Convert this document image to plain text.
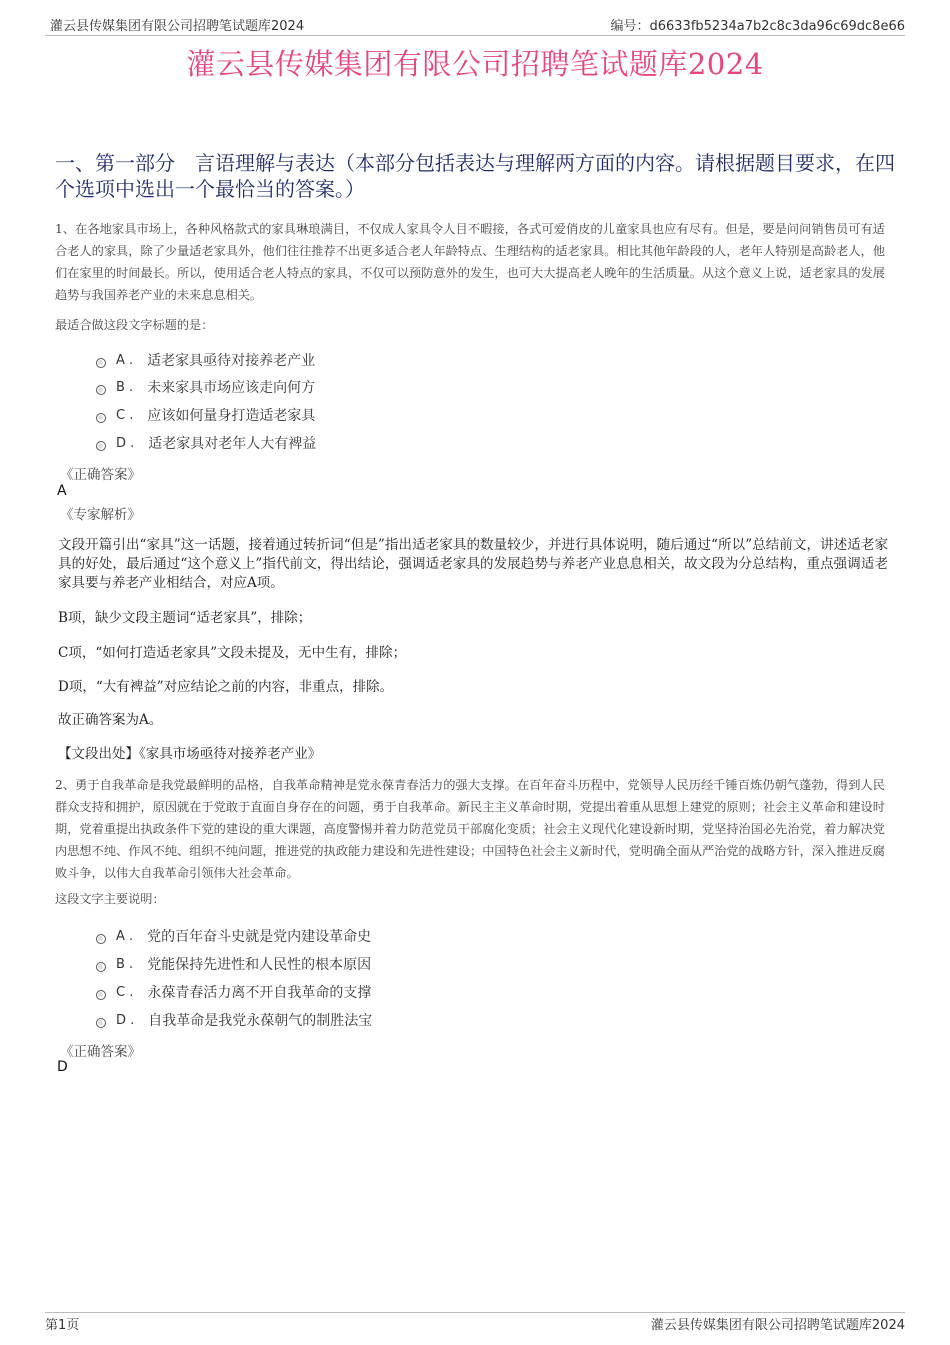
灌云县传媒集团有限公司招聘笔试题库2024	编号：d6633fb5234a7b2c8c3da96c69dc8e66
灌云县传媒集团有限公司招聘笔试题库2024
一、第一部分　言语理解与表达（本部分包括表达与理解两方面的内容。请根据题目要求，在四个选项中选出一个最恰当的答案。）
1、在各地家具市场上，各种风格款式的家具琳琅满目，不仅成人家具令人目不暇接，各式可爱俏皮的儿童家具也应有尽有。但是，要是问问销售员可有适合老人的家具，除了少量适老家具外，他们往往推荐不出更多适合老人年龄特点、生理结构的适老家具。相比其他年龄段的人，老年人特别是高龄老人，他们在家里的时间最长。所以，使用适合老人特点的家具，不仅可以预防意外的发生，也可大大提高老人晚年的生活质量。从这个意义上说，适老家具的发展趋势与我国养老产业的未来息息相关。
最适合做这段文字标题的是：
A . 适老家具亟待对接养老产业
B . 未来家具市场应该走向何方
C . 应该如何量身打造适老家具
D . 适老家具对老年人大有裨益
《正确答案》
A
《专家解析》
文段开篇引出“家具”这一话题，接着通过转折词“但是”指出适老家具的数量较少，并进行具体说明，随后通过“所以”总结前文，讲述适老家具的好处，最后通过“这个意义上”指代前文，得出结论，强调适老家具的发展趋势与养老产业息息相关，故文段为分总结构，重点强调适老家具要与养老产业相结合，对应A项。
B项，缺少文段主题词“适老家具”，排除；
C项，“如何打造适老家具”文段未提及，无中生有，排除；
D项，“大有裨益”对应结论之前的内容，非重点，排除。
故正确答案为A。
【文段出处】《家具市场亟待对接养老产业》
2、勇于自我革命是我党最鲜明的品格，自我革命精神是党永葆青春活力的强大支撑。在百年奋斗历程中，党领导人民历经千锤百炼仍朝气蓬勃，得到人民群众支持和拥护，原因就在于党敢于直面自身存在的问题，勇于自我革命。新民主主义革命时期，党提出着重从思想上建党的原则；社会主义革命和建设时期，党着重提出执政条件下党的建设的重大课题，高度警惕并着力防范党员干部腐化变质；社会主义现代化建设新时期，党坚持治国必先治党，着力解决党内思想不纯、作风不纯、组织不纯问题，推进党的执政能力建设和先进性建设；中国特色社会主义新时代，党明确全面从严治党的战略方针，深入推进反腐败斗争，以伟大自我革命引领伟大社会革命。
这段文字主要说明：
A . 党的百年奋斗史就是党内建设革命史
B . 党能保持先进性和人民性的根本原因
C . 永葆青春活力离不开自我革命的支撑
D . 自我革命是我党永葆朝气的制胜法宝
《正确答案》
D
第1页	灌云县传媒集团有限公司招聘笔试题库2024
